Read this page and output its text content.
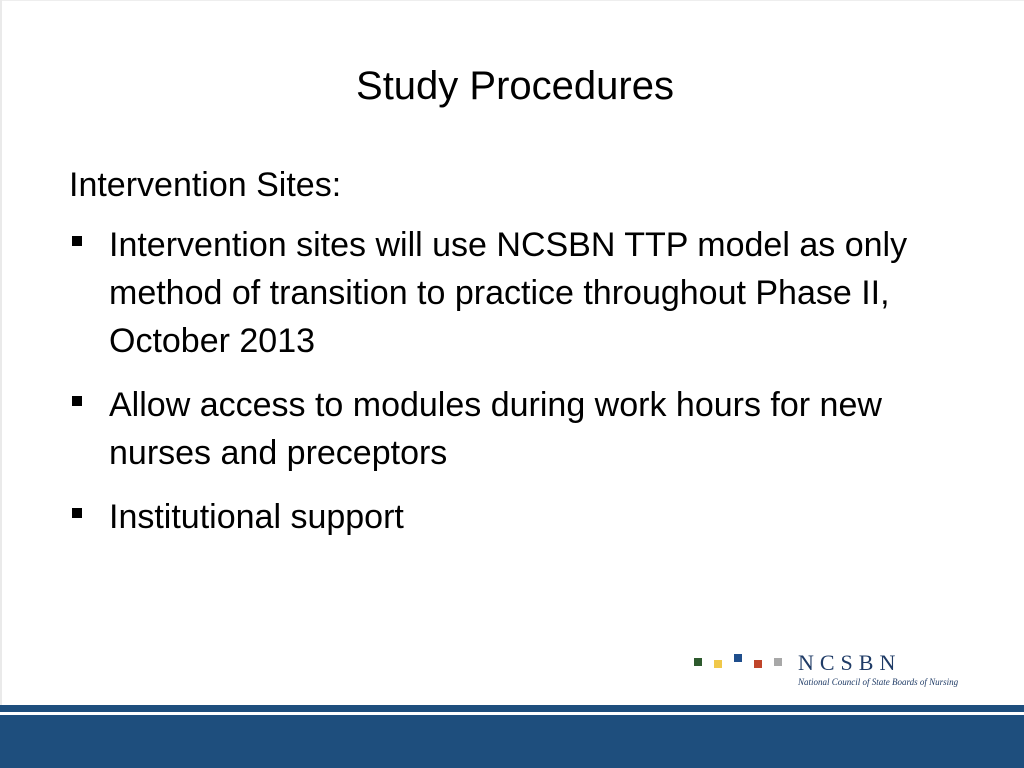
Study Procedures

Intervention Sites:

Intervention sites will use NCSBN TTP model as only method of transition to practice throughout Phase II, October 2013
Allow access to modules during work hours for new nurses and preceptors
Institutional support
NCSBN
National Council of State Boards of Nursing
